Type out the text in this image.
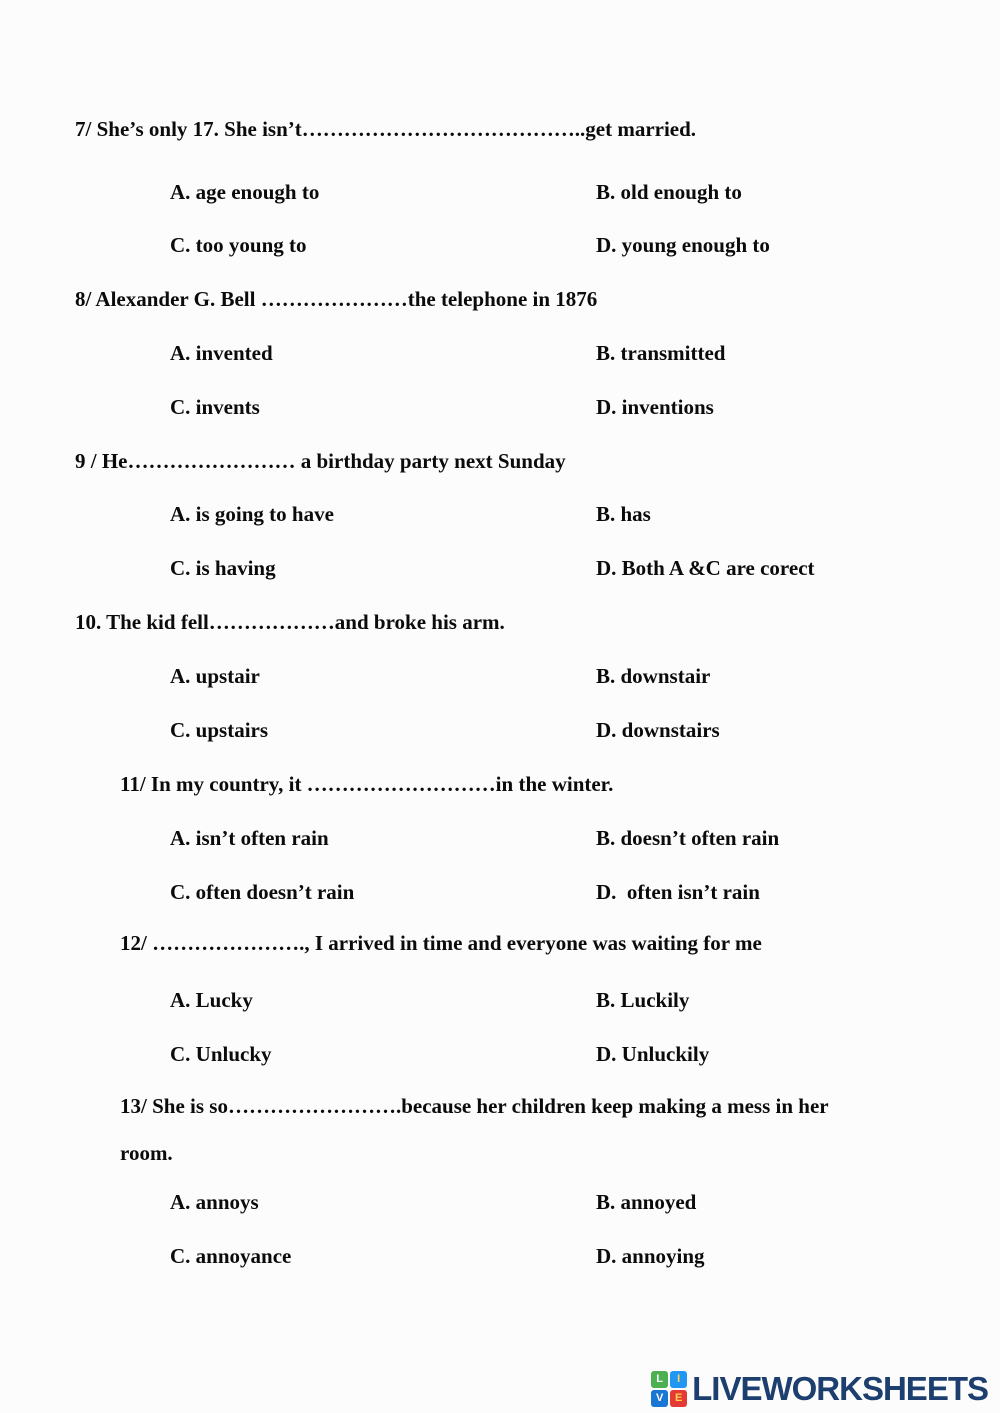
7/ She’s only 17. She isn’t…………………………………..get married.
A. age enough to	B. old enough to
C. too young to	D. young enough to
8/ Alexander G. Bell …………………the telephone in 1876
A. invented	B. transmitted
C. invents	D. inventions
9 / He…………………… a birthday party next Sunday
A. is going to have	B. has
C. is having	D. Both A &C are corect
10. The kid fell………………and broke his arm.
A. upstair	B. downstair
C. upstairs	D. downstairs
11/ In my country, it ………………………in the winter.
A. isn’t often rain	B. doesn’t often rain
C. often doesn’t rain	D.  often isn’t rain
12/ …………………., I arrived in time and everyone was waiting for me
A. Lucky	B. Luckily
C. Unlucky	D. Unluckily
13/ She is so…………………….because her children keep making a mess in her
room.
A. annoys	B. annoyed
C. annoyance	D. annoying
L	I
V	E LIVEWORKSHEETS
